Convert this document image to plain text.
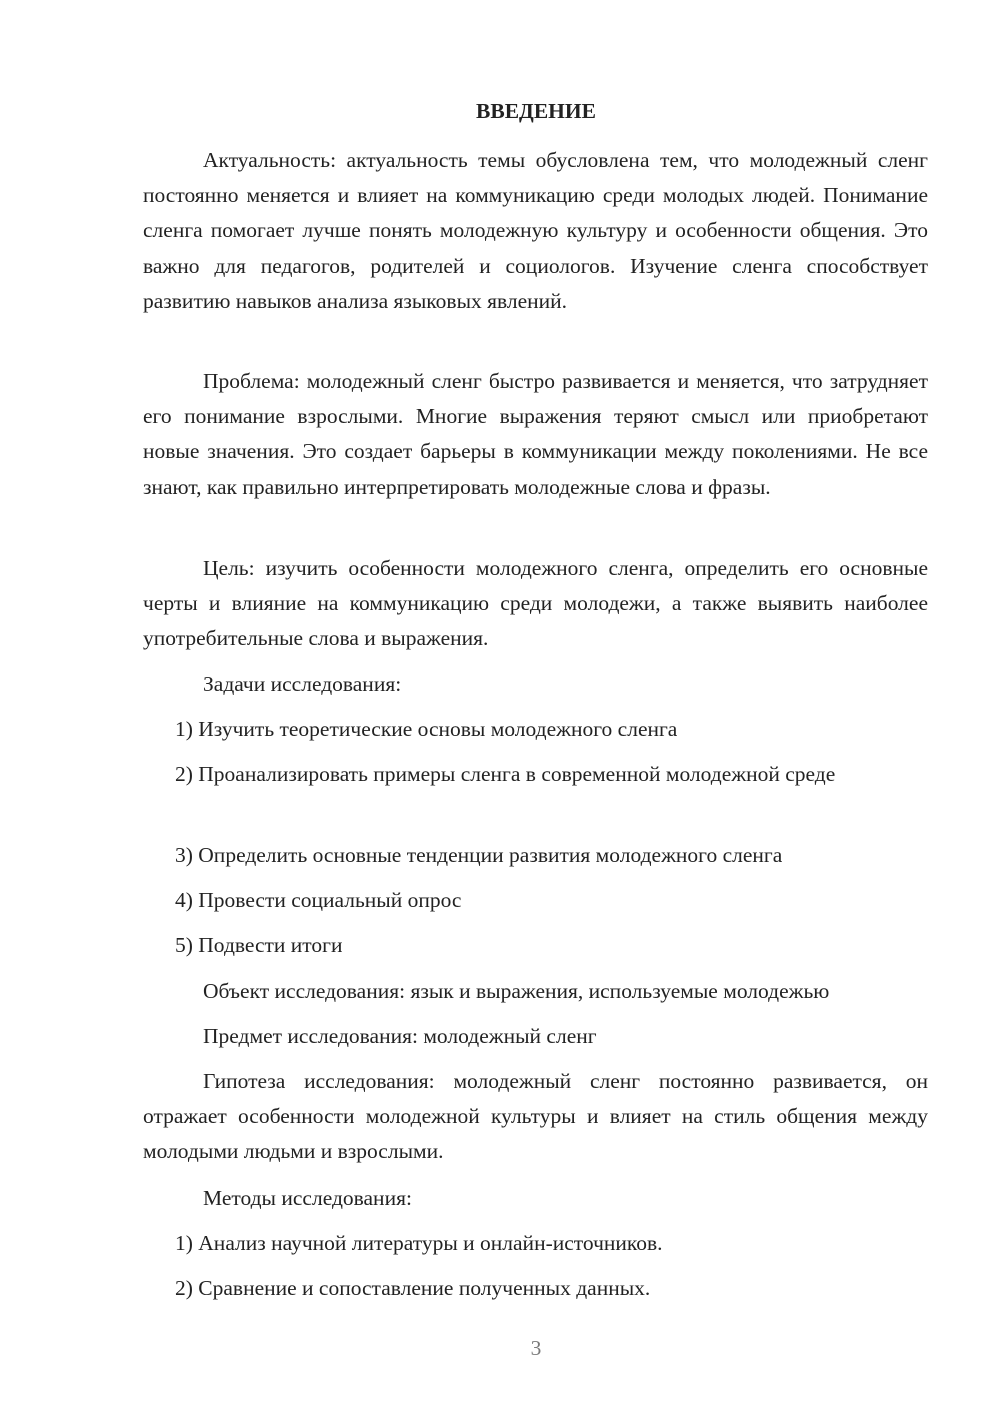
ВВЕДЕНИЕ

Актуальность: актуальность темы обусловлена тем, что молодежный сленг постоянно меняется и влияет на коммуникацию среди молодых людей. Понимание сленга помогает лучше понять молодежную культуру и особенности общения. Это важно для педагогов, родителей и социологов. Изучение сленга способствует развитию навыков анализа языковых явлений.

Проблема: молодежный сленг быстро развивается и меняется, что затрудняет его понимание взрослыми. Многие выражения теряют смысл или приобретают новые значения. Это создает барьеры в коммуникации между поколениями. Не все знают, как правильно интерпретировать молодежные слова и фразы.

Цель: изучить особенности молодежного сленга, определить его основные черты и влияние на коммуникацию среди молодежи, а также выявить наиболее употребительные слова и выражения.

Задачи исследования:

1) Изучить теоретические основы молодежного сленга

2) Проанализировать примеры сленга в современной молодежной среде

3) Определить основные тенденции развития молодежного сленга

4) Провести социальный опрос

5) Подвести итоги

Объект исследования: язык и выражения, используемые молодежью

Предмет исследования: молодежный сленг

Гипотеза исследования: молодежный сленг постоянно развивается, он отражает особенности молодежной культуры и влияет на стиль общения между молодыми людьми и взрослыми.

Методы исследования:

1) Анализ научной литературы и онлайн-источников.

2) Сравнение и сопоставление полученных данных.

3
